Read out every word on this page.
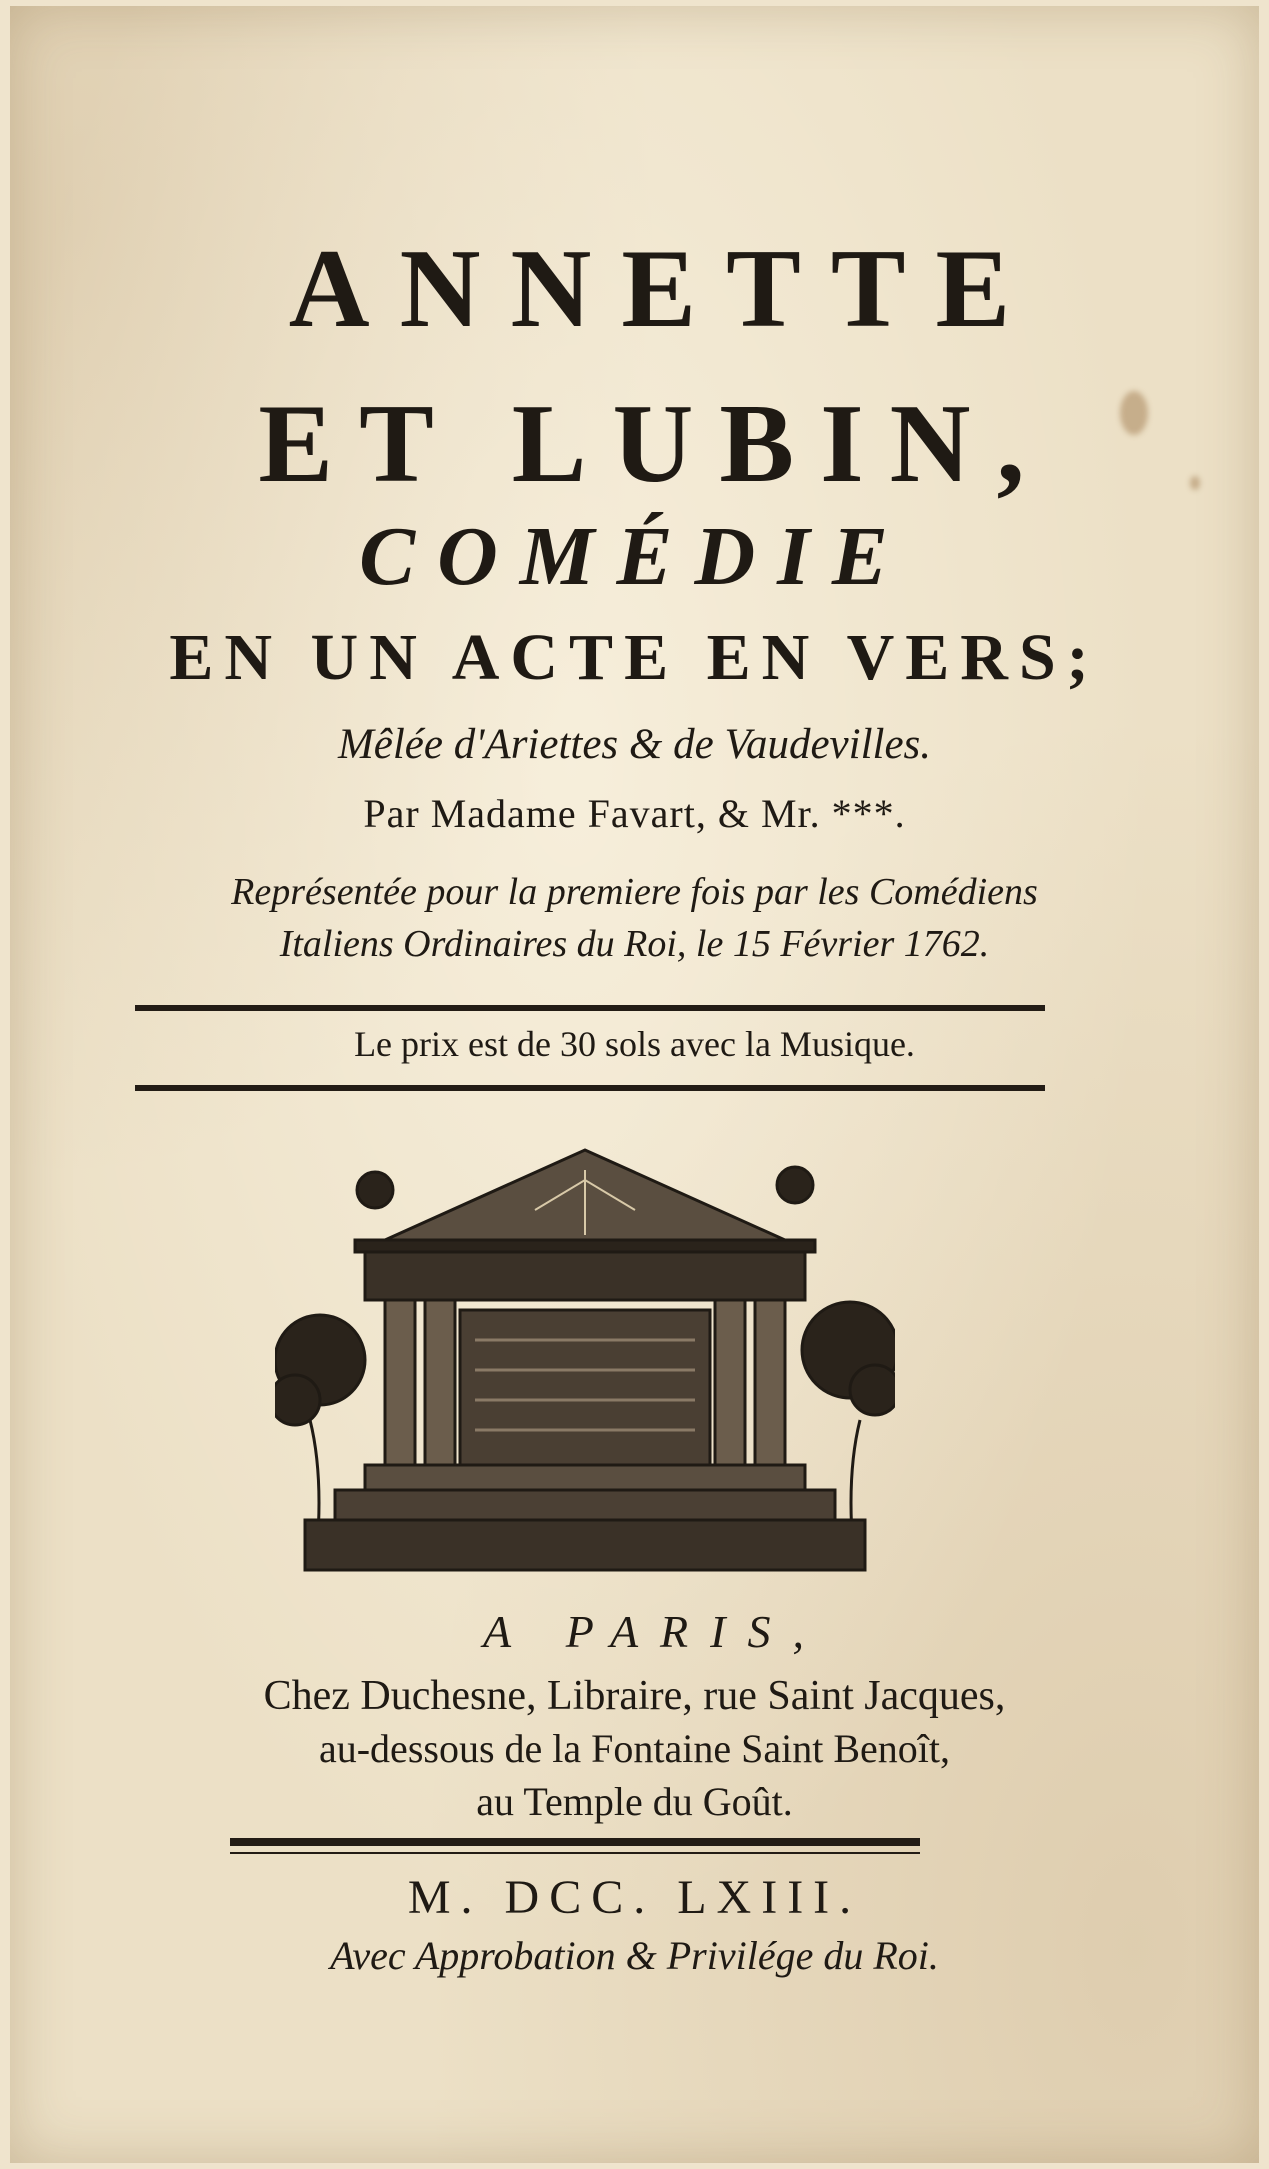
ANNETTE
ET LUBIN,
COMÉDIE
EN UN ACTE EN VERS;
Mêlée d'Ariettes & de Vaudevilles.
Par Madame Favart, & Mr. ***.
Représentée pour la premiere fois par les Comédiens
Italiens Ordinaires du Roi, le 15 Février 1762.
Le prix est de 30 sols avec la Musique.
A PARIS,
Chez Duchesne, Libraire, rue Saint Jacques,
au-dessous de la Fontaine Saint Benoît,
au Temple du Goût.
M. DCC. LXIII.
Avec Approbation & Privilége du Roi.
